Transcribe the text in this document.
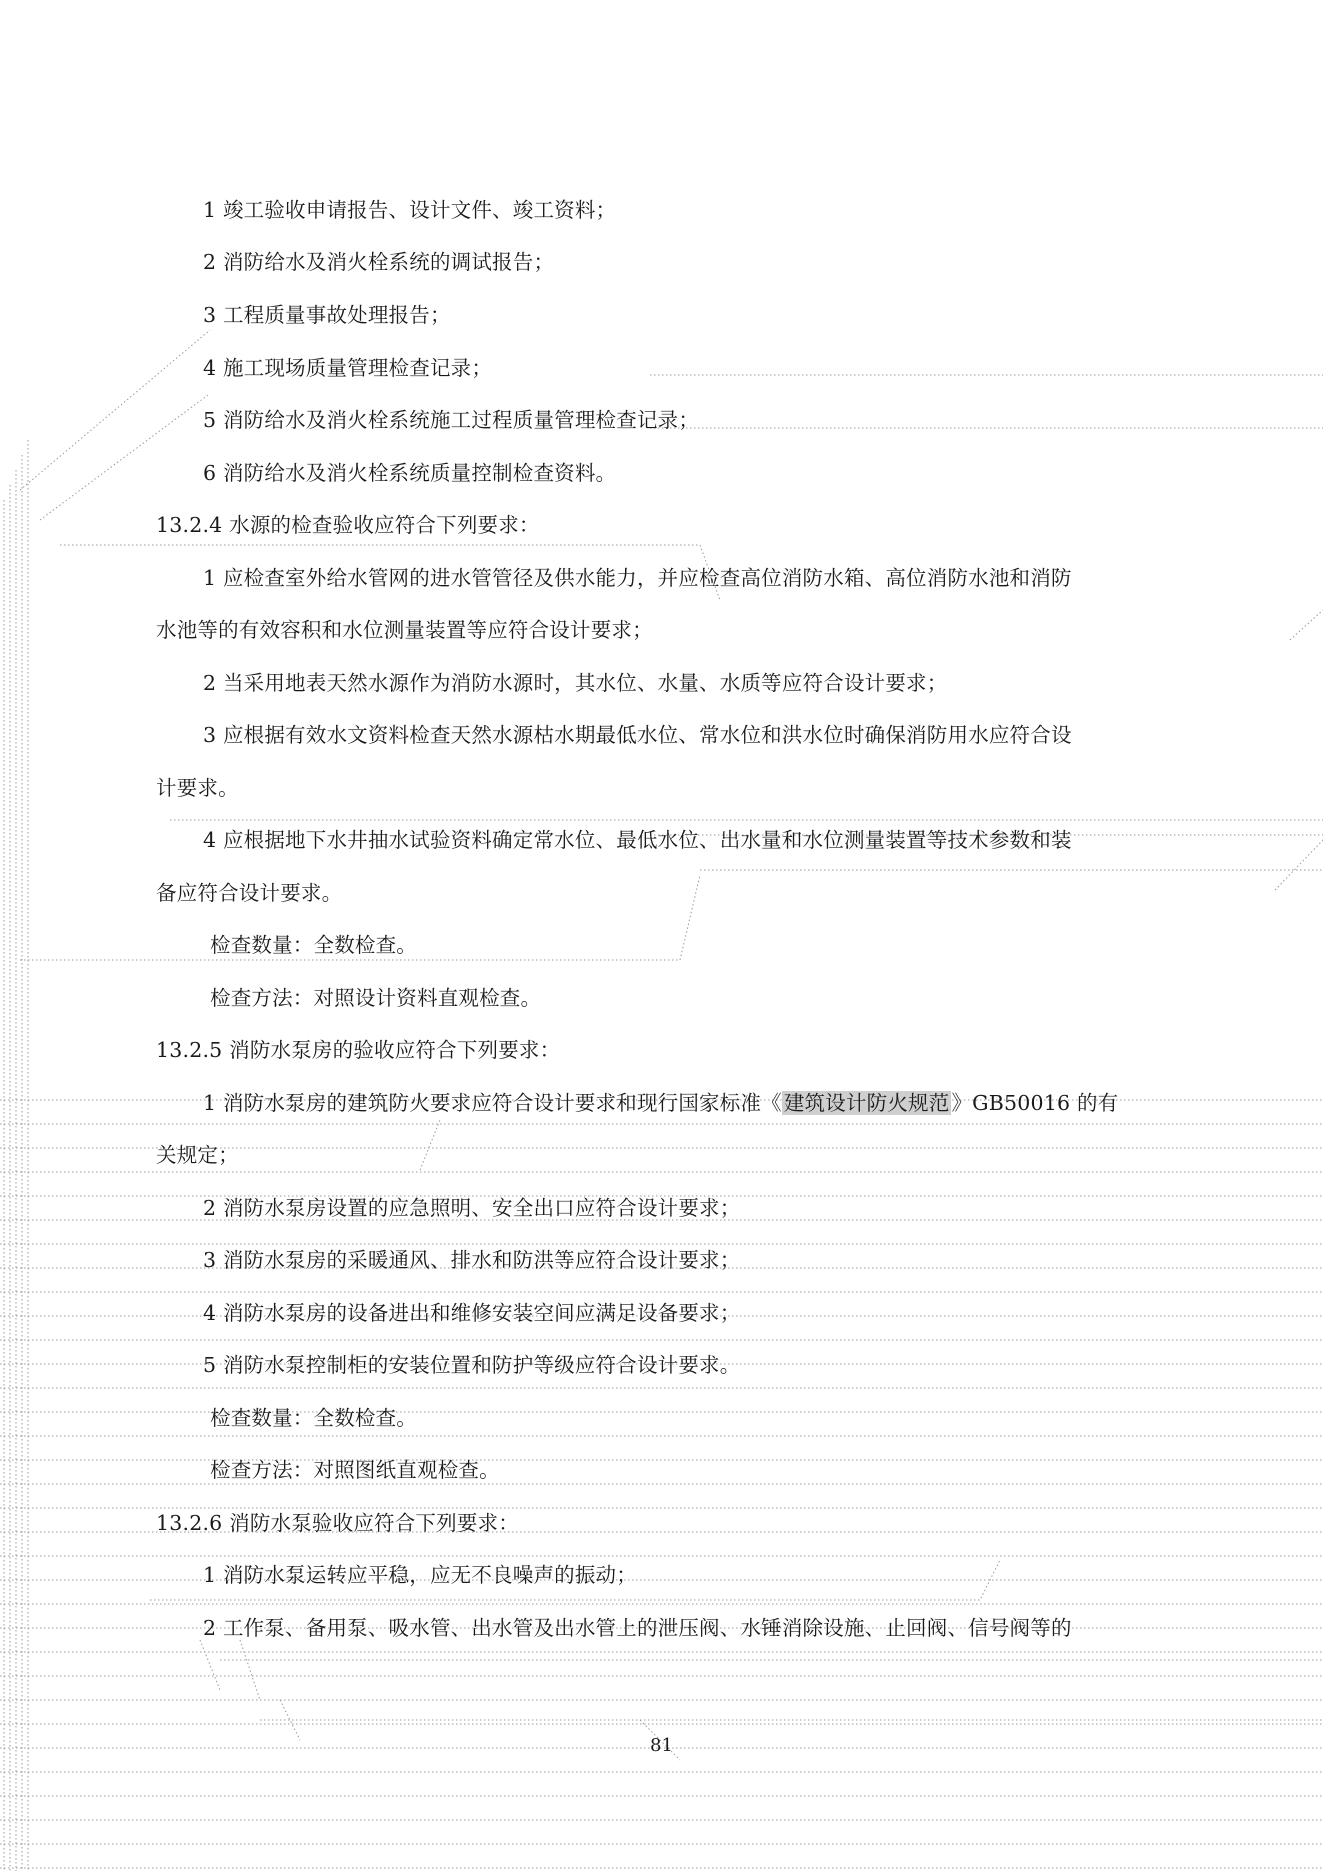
1 竣工验收申请报告、设计文件、竣工资料；
2 消防给水及消火栓系统的调试报告；
3 工程质量事故处理报告；
4 施工现场质量管理检查记录；
5 消防给水及消火栓系统施工过程质量管理检查记录；
6 消防给水及消火栓系统质量控制检查资料。
13.2.4 水源的检查验收应符合下列要求：
1 应检查室外给水管网的进水管管径及供水能力，并应检查高位消防水箱、高位消防水池和消防
水池等的有效容积和水位测量装置等应符合设计要求；
2 当采用地表天然水源作为消防水源时，其水位、水量、水质等应符合设计要求；
3 应根据有效水文资料检查天然水源枯水期最低水位、常水位和洪水位时确保消防用水应符合设
计要求。
4 应根据地下水井抽水试验资料确定常水位、最低水位、出水量和水位测量装置等技术参数和装
备应符合设计要求。
检查数量：全数检查。
检查方法：对照设计资料直观检查。
13.2.5 消防水泵房的验收应符合下列要求：
1 消防水泵房的建筑防火要求应符合设计要求和现行国家标准《建筑设计防火规范》GB50016 的有
关规定；
2 消防水泵房设置的应急照明、安全出口应符合设计要求；
3 消防水泵房的采暖通风、排水和防洪等应符合设计要求；
4 消防水泵房的设备进出和维修安装空间应满足设备要求；
5 消防水泵控制柜的安装位置和防护等级应符合设计要求。
检查数量：全数检查。
检查方法：对照图纸直观检查。
13.2.6 消防水泵验收应符合下列要求：
1 消防水泵运转应平稳，应无不良噪声的振动；
2 工作泵、备用泵、吸水管、出水管及出水管上的泄压阀、水锤消除设施、止回阀、信号阀等的
81
